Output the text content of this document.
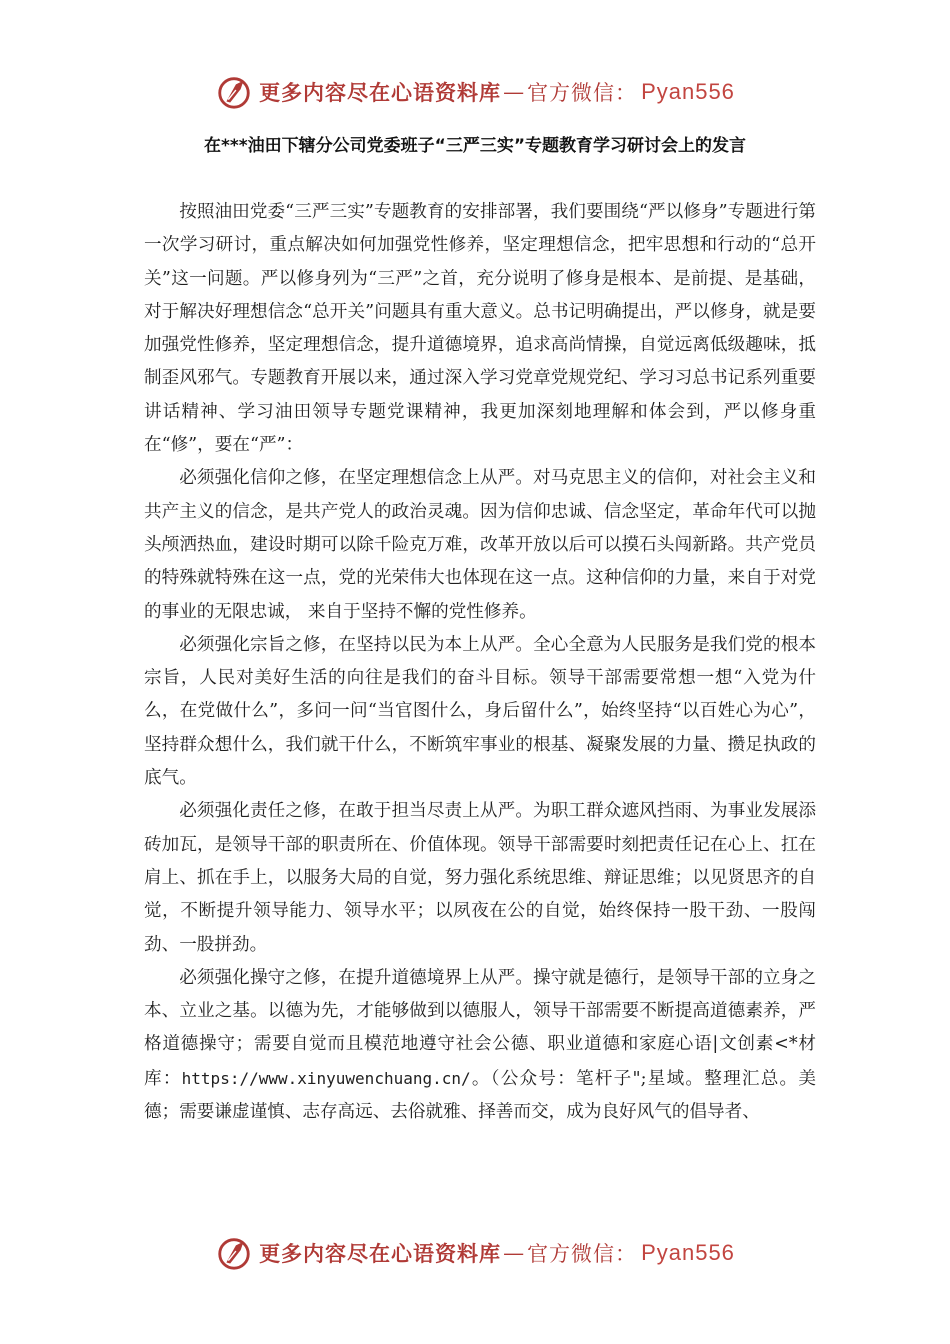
更多内容尽在心语资料库 — 官方微信： Pyan556
在***油田下辖分公司党委班子“三严三实”专题教育学习研讨会上的发言

按照油田党委“三严三实”专题教育的安排部署，我们要围绕“严以修身”专题进行第一次学习研讨，重点解决如何加强党性修养，坚定理想信念，把牢思想和行动的“总开关”这一问题。严以修身列为“三严”之首，充分说明了修身是根本、是前提、是基础，对于解决好理想信念“总开关”问题具有重大意义。总书记明确提出，严以修身，就是要加强党性修养，坚定理想信念，提升道德境界，追求高尚情操，自觉远离低级趣味，抵制歪风邪气。专题教育开展以来，通过深入学习党章党规党纪、学习习总书记系列重要讲话精神、学习油田领导专题党课精神，我更加深刻地理解和体会到，严以修身重在“修”，要在“严”：

必须强化信仰之修，在坚定理想信念上从严。对马克思主义的信仰，对社会主义和共产主义的信念，是共产党人的政治灵魂。因为信仰忠诚、信念坚定，革命年代可以抛头颅洒热血，建设时期可以除千险克万难，改革开放以后可以摸石头闯新路。共产党员的特殊就特殊在这一点，党的光荣伟大也体现在这一点。这种信仰的力量，来自于对党的事业的无限忠诚， 来自于坚持不懈的党性修养。

必须强化宗旨之修，在坚持以民为本上从严。全心全意为人民服务是我们党的根本宗旨，人民对美好生活的向往是我们的奋斗目标。领导干部需要常想一想“入党为什么，在党做什么”，多问一问“当官图什么，身后留什么”，始终坚持“以百姓心为心”，坚持群众想什么，我们就干什么，不断筑牢事业的根基、凝聚发展的力量、攒足执政的底气。

必须强化责任之修，在敢于担当尽责上从严。为职工群众遮风挡雨、为事业发展添砖加瓦，是领导干部的职责所在、价值体现。领导干部需要时刻把责任记在心上、扛在肩上、抓在手上，以服务大局的自觉，努力强化系统思维、辩证思维；以见贤思齐的自觉，不断提升领导能力、领导水平；以夙夜在公的自觉，始终保持一股干劲、一股闯劲、一股拼劲。

必须强化操守之修，在提升道德境界上从严。操守就是德行，是领导干部的立身之本、立业之基。以德为先，才能够做到以德服人，领导干部需要不断提高道德素养，严格道德操守；需要自觉而且模范地遵守社会公德、职业道德和家庭心语|文创素<*材库：https://www.xinyuwenchuang.cn/。（公众号：笔杆子";星域。整理汇总。美德；需要谦虚谨慎、志存高远、去俗就雅、择善而交，成为良好风气的倡导者、

更多内容尽在心语资料库 — 官方微信： Pyan556
